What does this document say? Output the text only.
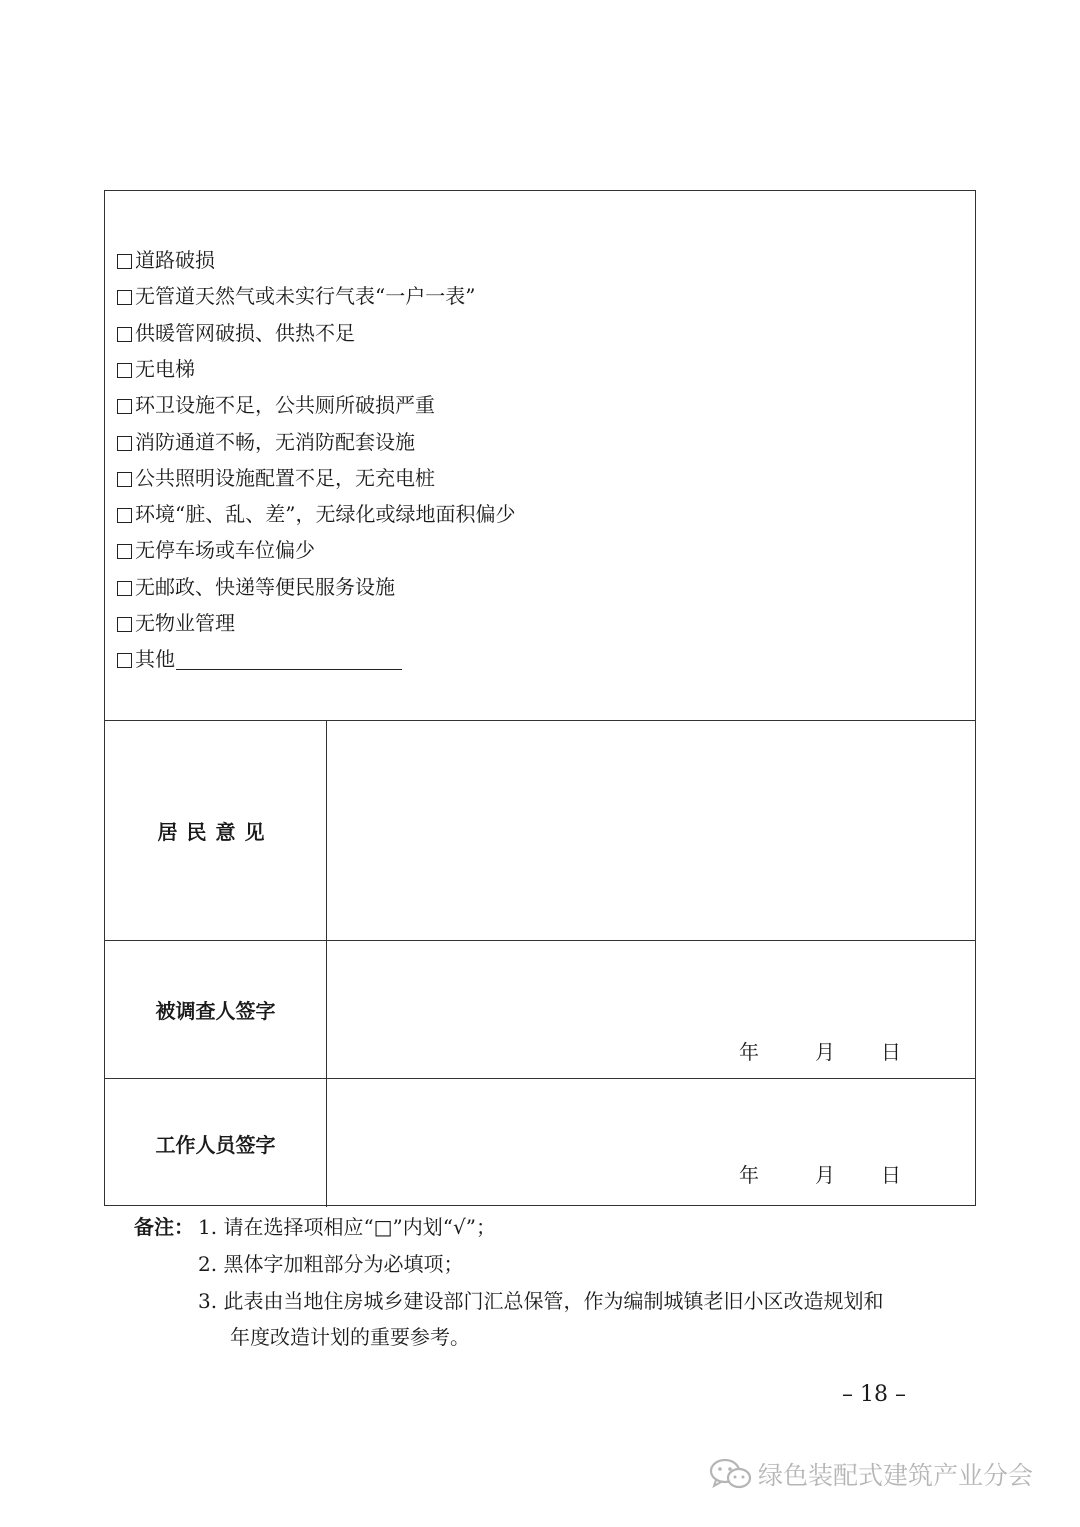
道路破损
无管道天然气或未实行气表“一户一表”
供暖管网破损、供热不足
无电梯
环卫设施不足，公共厕所破损严重
消防通道不畅，无消防配套设施
公共照明设施配置不足，无充电桩
环境“脏、乱、差”，无绿化或绿地面积偏少
无停车场或车位偏少
无邮政、快递等便民服务设施
无物业管理
其他
居民意见
被调查人签字
年	月 日
工作人员签字
年	月 日
备注： 1. 请在选择项相应“□”内划“√”；
2. 黑体字加粗部分为必填项；
3. 此表由当地住房城乡建设部门汇总保管，作为编制城镇老旧小区改造规划和
年度改造计划的重要参考。
– 18 –
绿色装配式建筑产业分会
